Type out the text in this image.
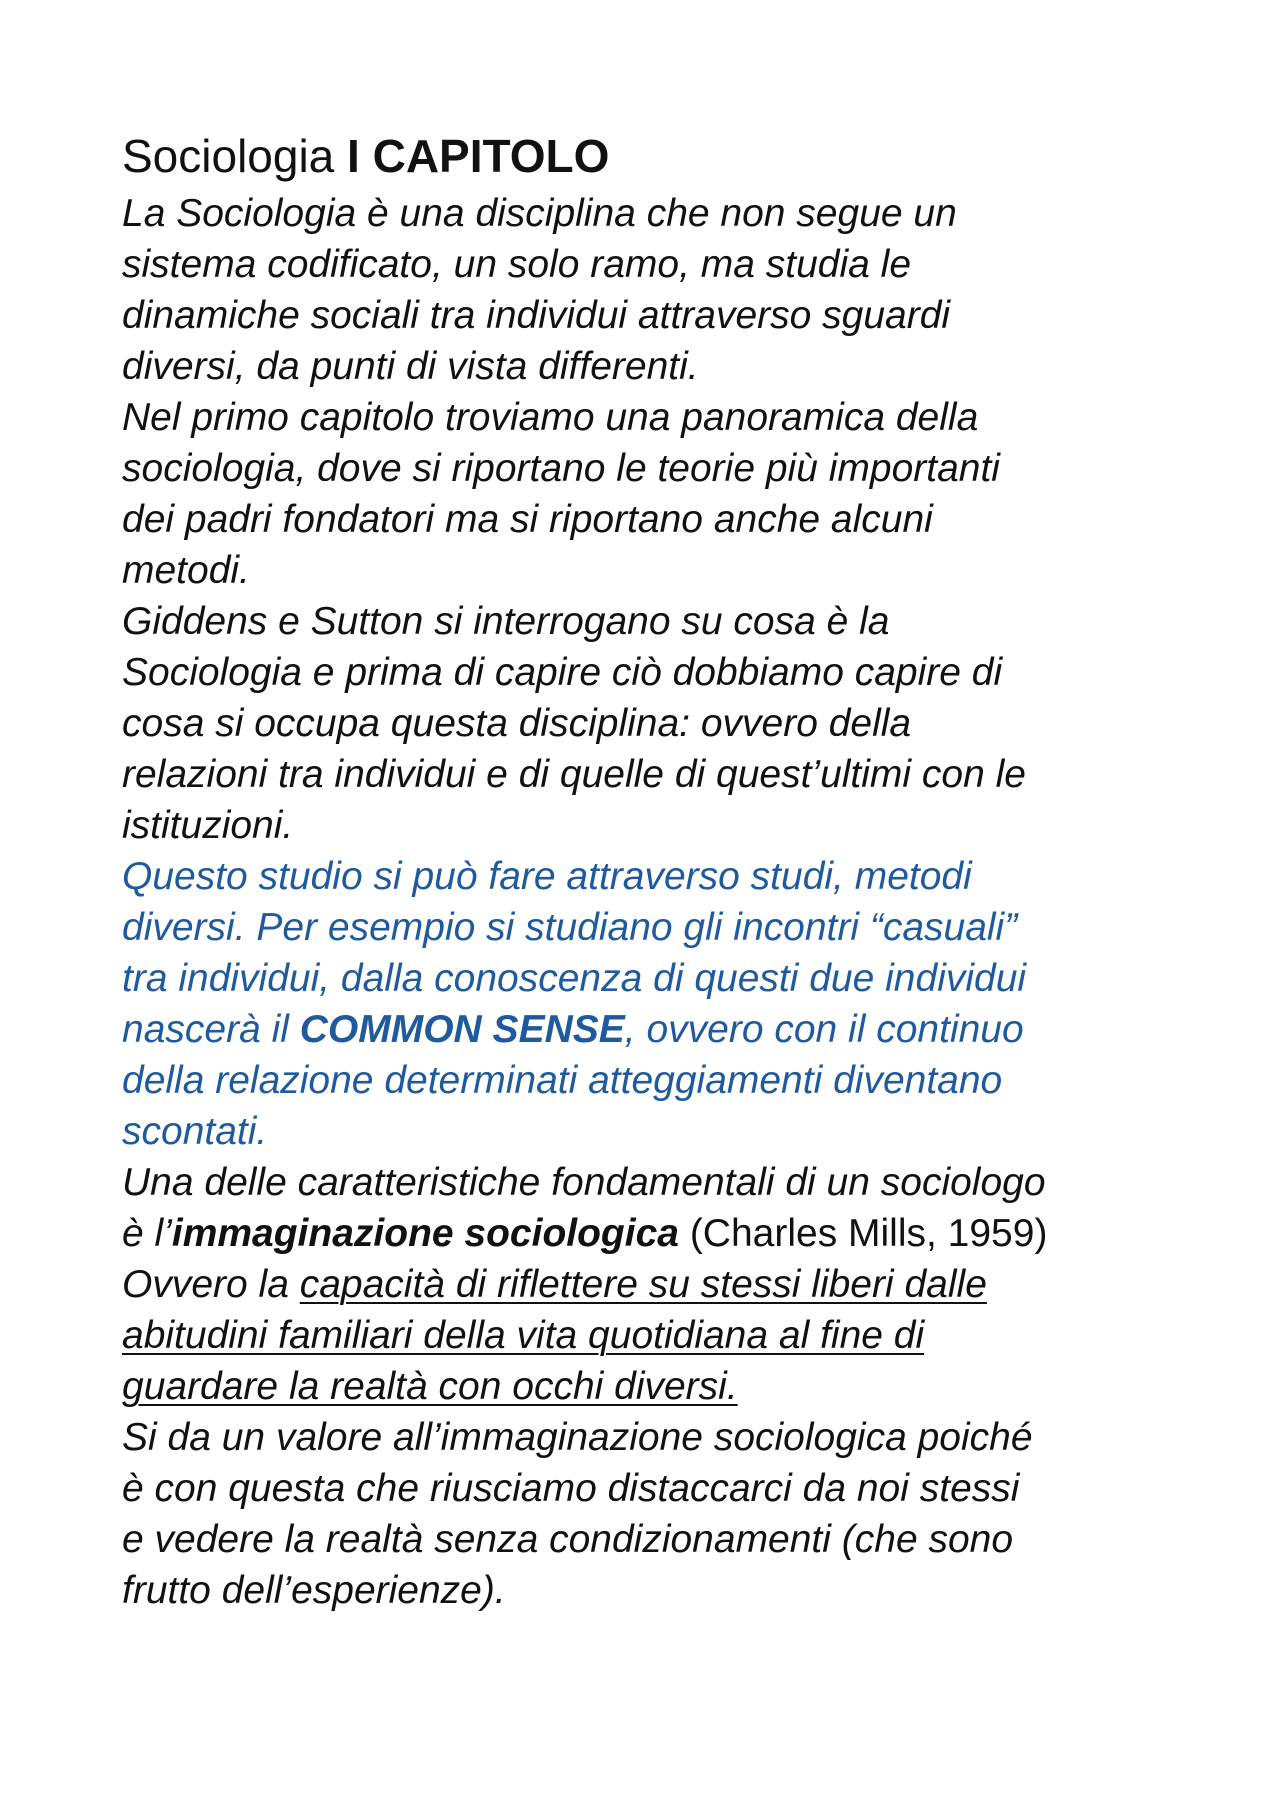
Sociologia I CAPITOLO
La Sociologia è una disciplina che non segue un
sistema codificato, un solo ramo, ma studia le
dinamiche sociali tra individui attraverso sguardi
diversi, da punti di vista differenti.
Nel primo capitolo troviamo una panoramica della
sociologia, dove si riportano le teorie più importanti
dei padri fondatori ma si riportano anche alcuni
metodi.
Giddens e Sutton si interrogano su cosa è la
Sociologia e prima di capire ciò dobbiamo capire di
cosa si occupa questa disciplina: ovvero della
relazioni tra individui e di quelle di quest’ultimi con le
istituzioni.
Questo studio si può fare attraverso studi, metodi
diversi. Per esempio si studiano gli incontri “casuali”
tra individui, dalla conoscenza di questi due individui
nascerà il COMMON SENSE, ovvero con il continuo
della relazione determinati atteggiamenti diventano
scontati.
Una delle caratteristiche fondamentali di un sociologo
è l’immaginazione sociologica (Charles Mills, 1959)
Ovvero la capacità di riflettere su stessi liberi dalle
abitudini familiari della vita quotidiana al fine di
guardare la realtà con occhi diversi.
Si da un valore all’immaginazione sociologica poiché
è con questa che riusciamo distaccarci da noi stessi
e vedere la realtà senza condizionamenti (che sono
frutto dell’esperienze).
